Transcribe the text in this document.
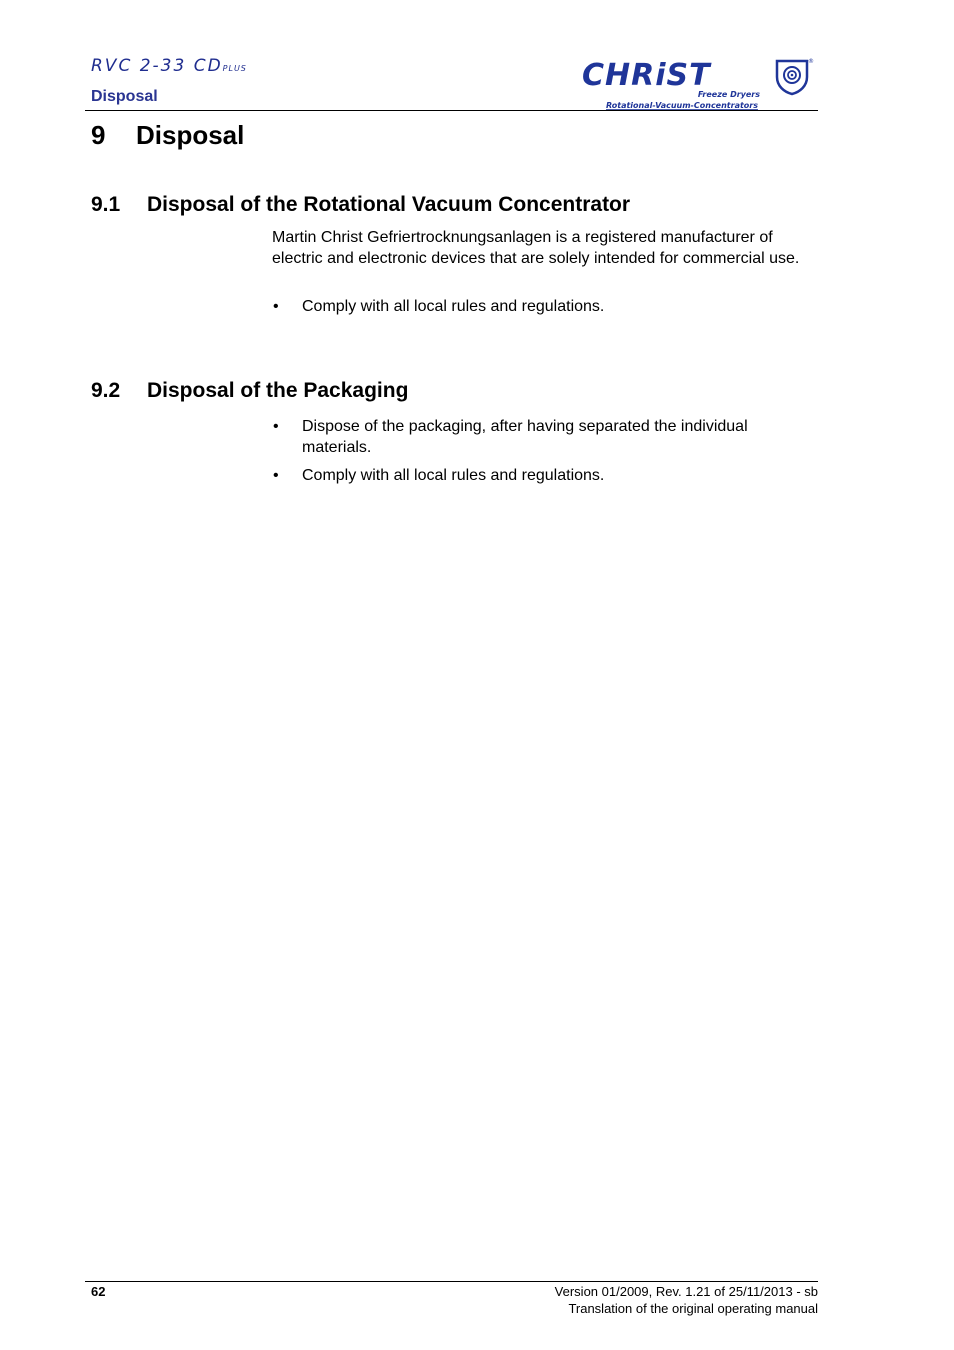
RVC 2-33 CDPLUS
Disposal
CHRiST	®
Freeze Dryers
Rotational-Vacuum-Concentrators
9 Disposal
9.1 Disposal of the Rotational Vacuum Concentrator

Martin Christ Gefriertrocknungsanlagen is a registered manufacturer of electric and electronic devices that are solely intended for commercial use.

• Comply with all local rules and regulations.
9.2 Disposal of the Packaging
• Dispose of the packaging, after having separated the individual materials.
• Comply with all local rules and regulations.
62	Version 01/2009, Rev. 1.21 of 25/11/2013 - sb
Translation of the original operating manual
